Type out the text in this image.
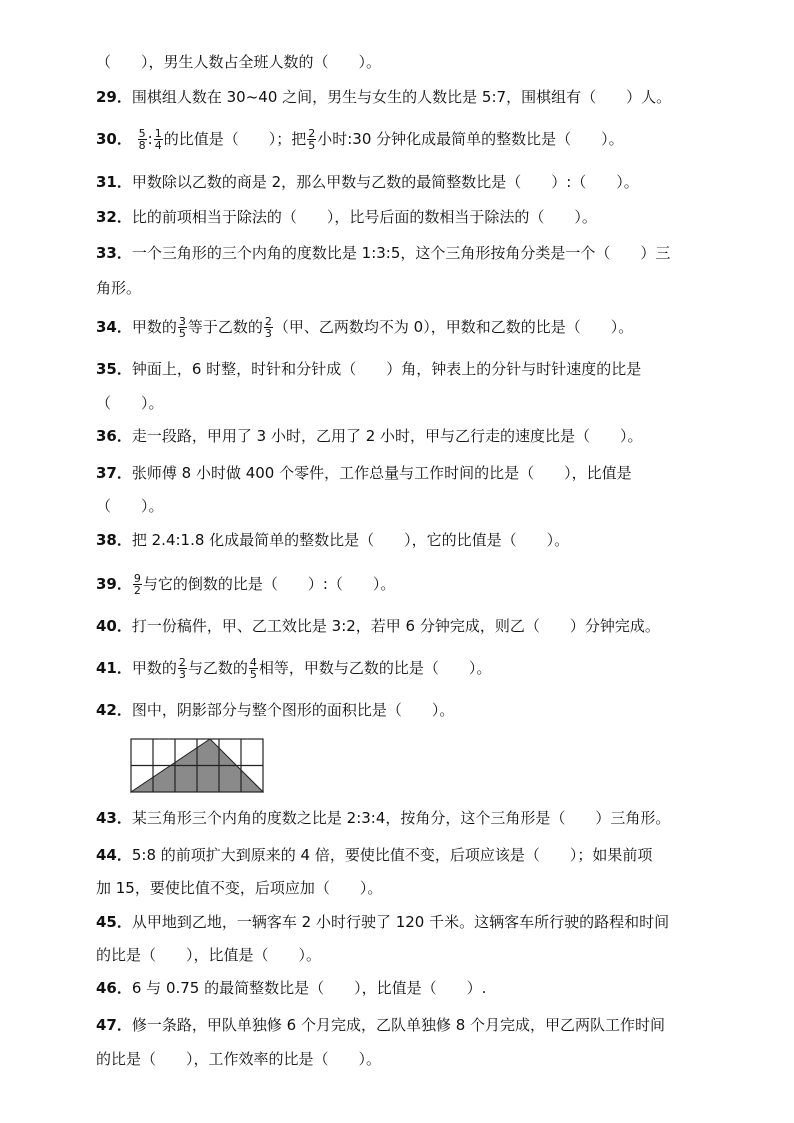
（　　），男生人数占全班人数的（　　）。
29．围棋组人数在 30~40 之间，男生与女生的人数比是 5:7，围棋组有（　　）人。
30． $\frac{5}{8}$ : $\frac{1}{4}$ 的比值是（　　）；把 $\frac{2}{5}$ 小时:30 分钟化成最简单的整数比是（　　）。
31．甲数除以乙数的商是 2，那么甲数与乙数的最简整数比是（　　）:（　　）。
32．比的前项相当于除法的（　　），比号后面的数相当于除法的（　　）。
33．一个三角形的三个内角的度数比是 1:3:5，这个三角形按角分类是一个（　　）三
角形。
34．甲数的 $\frac{3}{5}$ 等于乙数的 $\frac{2}{3}$ （甲、乙两数均不为 0），甲数和乙数的比是（　　）。
35．钟面上，6 时整，时针和分针成（　　）角，钟表上的分针与时针速度的比是
（　　）。
36．走一段路，甲用了 3 小时，乙用了 2 小时，甲与乙行走的速度比是（　　）。
37．张师傅 8 小时做 400 个零件，工作总量与工作时间的比是（　　），比值是
（　　）。
38．把 2.4:1.8 化成最简单的整数比是（　　），它的比值是（　　）。
39． $\frac{9}{2}$ 与它的倒数的比是（　　）:（　　）。
40．打一份稿件，甲、乙工效比是 3:2，若甲 6 分钟完成，则乙（　　）分钟完成。
41．甲数的 $\frac{2}{3}$ 与乙数的 $\frac{4}{5}$ 相等，甲数与乙数的比是（　　）。
42．图中，阴影部分与整个图形的面积比是（　　）。
43．某三角形三个内角的度数之比是 2:3:4，按角分，这个三角形是（　　）三角形。
44．5:8 的前项扩大到原来的 4 倍，要使比值不变，后项应该是（　　）；如果前项
加 15，要使比值不变，后项应加（　　）。
45．从甲地到乙地，一辆客车 2 小时行驶了 120 千米。这辆客车所行驶的路程和时间
的比是（　　），比值是（　　）。
46．6 与 0.75 的最简整数比是（　　），比值是（　　）.
47．修一条路，甲队单独修 6 个月完成，乙队单独修 8 个月完成，甲乙两队工作时间
的比是（　　），工作效率的比是（　　）。
